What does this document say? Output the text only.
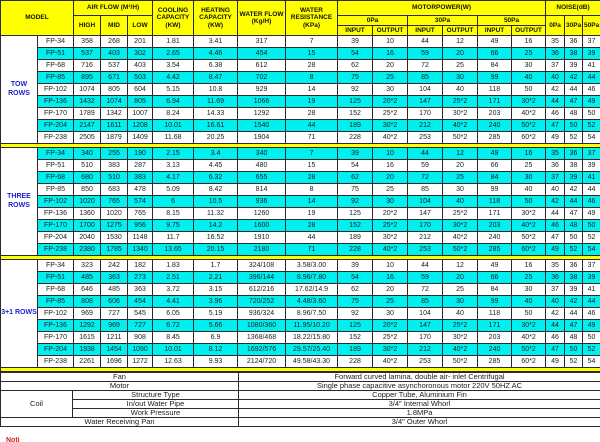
MODEL		AIR FLOW (M³/H)			COOLING CAPACITY (KW)	HEATING CAPACITY (KW)	WATER FLOW (Kg/H)	WATER RESISTANCE (KPa)	MOTORPOWER(W)						NOISE(dB)		
		HIGH	MID	LOW					0Pa		30Pa		50Pa		0Pa	30Pa	50Pa
									INPUT	OUTPUT	INPUT	OUTPUT	INPUT	OUTPUT			
TOW ROWS	FP-34	358	268	201	1.81	3.41	317	7	39	10	44	12	49	16	35	36	37
	FP-51	537	403	302	2.65	4.46	454	15	54	16	59	20	66	25	36	38	39
	FP-68	716	537	403	3.54	6.38	612	28	62	20	72	25	84	30	37	39	41
	FP-85	895	671	503	4.42	8.47	702	8	75	25	85	30	99	40	40	42	44
	FP-102	1074	805	604	5.15	10.8	929	14	92	30	104	40	118	50	42	44	46
	FP-136	1432	1074	805	6.94	11.69	1066	19	125	20*2	147	25*2	171	30*2	44	47	49
	FP-170	1789	1342	1007	8.24	14.33	1292	28	152	25*2	170	30*2	203	40*2	46	48	50
	FP-204	2147	1611	1208	10.01	16.61	1540	44	189	30*2	212	40*2	240	50*2	47	50	52
	FP-238	2505	1879	1409	11.68	20.25	1904	71	228	40*2	253	50*2	285	60*2	49	52	54

THREE ROWS	FP-34	340	255	190	2.15	3.4	340	7	39	10	44	12	49	16	35	36	37
	FP-51	510	383	287	3.13	4.45	480	15	54	16	59	20	66	25	36	38	39
	FP-68	680	510	383	4.17	6.32	655	28	62	20	72	25	84	30	37	39	41
	FP-85	850	683	478	5.09	8.42	814	8	75	25	85	30	99	40	40	42	44
	FP-102	1020	765	574	6	10.5	936	14	92	30	104	40	118	50	42	44	46
	FP-136	1360	1020	765	8.15	11.32	1260	19	125	20*2	147	25*2	171	30*2	44	47	49
	FP-170	1700	1275	956	9.75	14.2	1600	28	152	25*2	170	30*2	203	40*2	46	48	50
	FP-204	2040	1530	1148	11.7	16.52	1910	44	189	30*2	212	40*2	240	50*2	47	50	52
	FP-238	2380	1785	1340	13.65	20.15	2180	71	228	40*2	253	50*2	285	60*2	49	52	54

3+1 ROWS	FP-34	323	242	182	1.83	1.7	324/108	3.58/3.00	39	10	44	12	49	16	35	36	37
	FP-51	485	363	273	2.51	2.21	396/144	8.96/7.80	54	16	59	20	66	25	36	38	39
	FP-68	646	485	363	3.72	3.15	612/216	17.62/14.9	62	20	72	25	84	30	37	39	41
	FP-85	808	606	454	4.41	3.96	720/252	4.48/3.60	75	25	85	30	99	40	40	42	44
	FP-102	969	727	545	6.05	5.19	936/324	8.96/7.50	92	30	104	40	118	50	42	44	46
	FP-136	1292	969	727	6.72	5.66	1080/360	11.95/10.20	125	20*2	147	25*2	171	30*2	44	47	49
	FP-170	1615	1211	908	8.45	6.9	1368/468	18.22/15.80	152	25*2	170	30*2	203	40*2	46	48	50
	FP-204	1938	1454	1090	10.01	8.12	1692/576	29.57/25.40	189	30*2	212	40*2	240	50*2	47	50	52
	FP-238	2261	1696	1272	12.63	9.93	2124/720	49.58/43.30	228	40*2	253	50*2	285	60*2	49	52	54

Fan		Forward curved lamina, double air- inlet Centrifugal
Motor		Single phase capacitive asynchoronous motor 220V 50HZ AC
Coil	Structure Type	Copper Tube, Aluminium Fin
	In/out Water Pipe	3/4″ Internal Whorl
	Work Pressure	1.8MPa
Water Receiving Pan		3/4″ Outer Whorl
Noti
